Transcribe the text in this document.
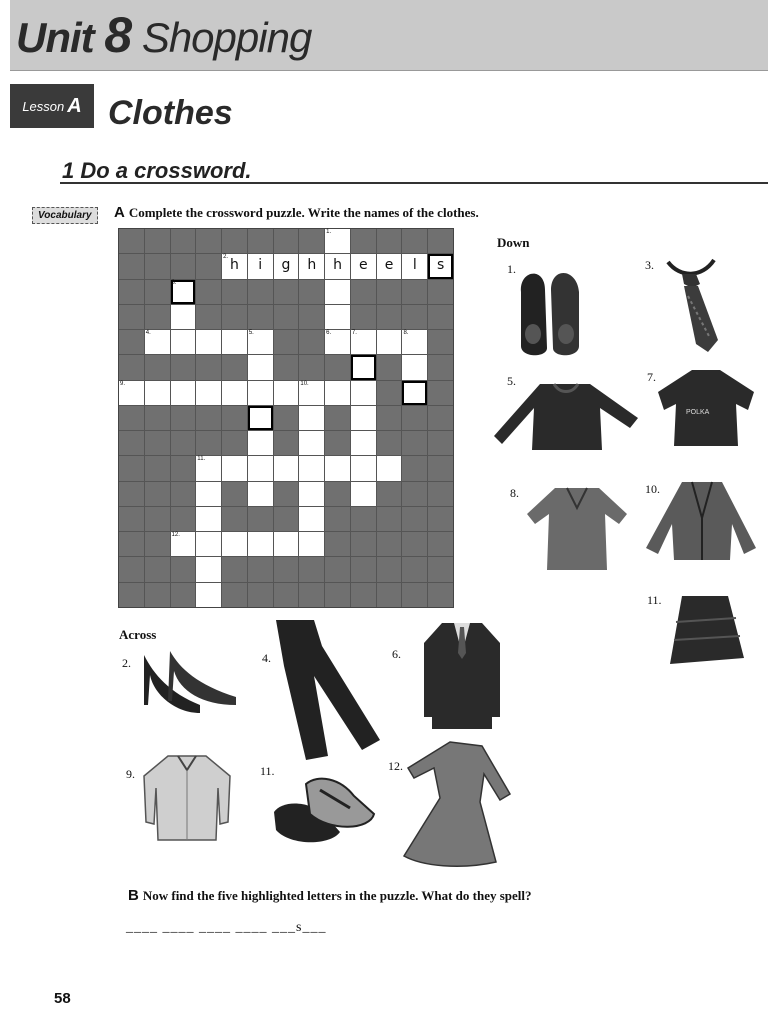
Unit 8 Shopping
Lesson A Clothes
1 Do a crossword.
Vocabulary	A Complete the crossword puzzle. Write the names of the clothes.
1.
2. h	i	g	h	h	e	e	l	s
3.
4.	5.	6.	7.	8.
9.	10.
11.
12.
Down
1.	3.
5.	7.
POLKA
8.	10.
11.
Across
2.	4.	6.
9.	11.	12.
B Now find the five highlighted letters in the puzzle. What do they spell?
____ ____ ____ ____ ___s___
58
